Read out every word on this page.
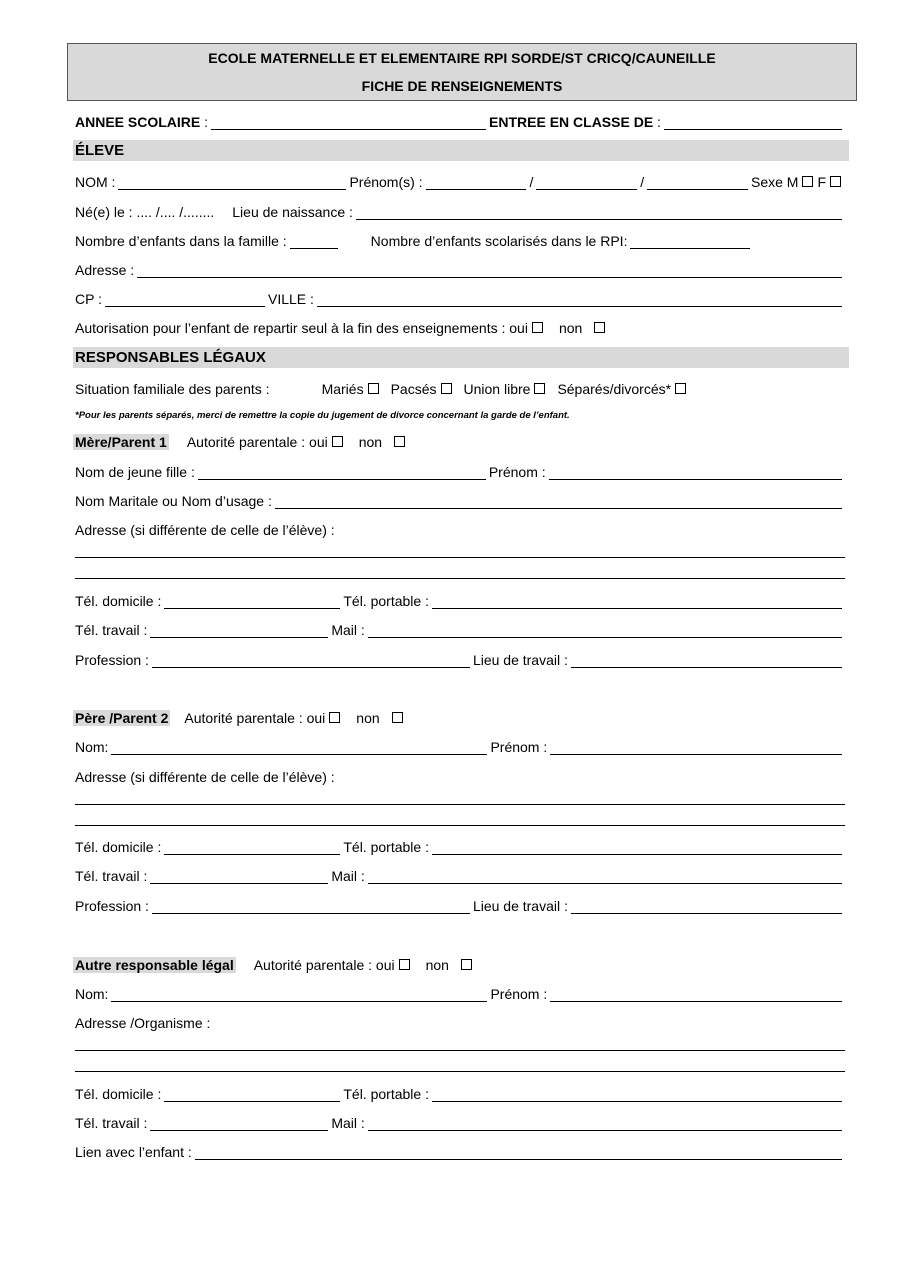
ECOLE MATERNELLE ET ELEMENTAIRE RPI SORDE/ST CRICQ/CAUNEILLE
FICHE DE RENSEIGNEMENTS
ANNEE SCOLAIRE :	ENTREE EN CLASSE DE :
ÉLEVE
NOM :	Prénom(s) :	/	/	Sexe M F
Né(e) le : .... /.... /........ Lieu de naissance :
Nombre d’enfants dans la famille :	Nombre d’enfants scolarisés dans le RPI:
Adresse :
CP :	VILLE :
Autorisation pour l’enfant de repartir seul à la fin des enseignements : oui non
RESPONSABLES LÉGAUX
Situation familiale des parents :	Mariés Pacsés Union libre Séparés/divorcés*
*Pour les parents séparés, merci de remettre la copie du jugement de divorce concernant la garde de l’enfant.
Mère/Parent 1 Autorité parentale
: oui non
Nom de jeune fille :	Prénom :
Nom Maritale ou Nom d’usage :
Adresse (si différente de celle de l’élève) :
Tél. domicile :	Tél. portable :
Tél. travail :	Mail :
Profession :	Lieu de travail :
Père /Parent 2 Autorité parentale
: oui non
Nom:	Prénom :
Adresse (si différente de celle de l’élève) :
Tél. domicile :	Tél. portable :
Tél. travail :	Mail :
Profession :	Lieu de travail :
Autre responsable légal Autorité parentale
: oui non
Nom:	Prénom :
Adresse /Organisme :
Tél. domicile :	Tél. portable :
Tél. travail :	Mail :
Lien avec l’enfant :
